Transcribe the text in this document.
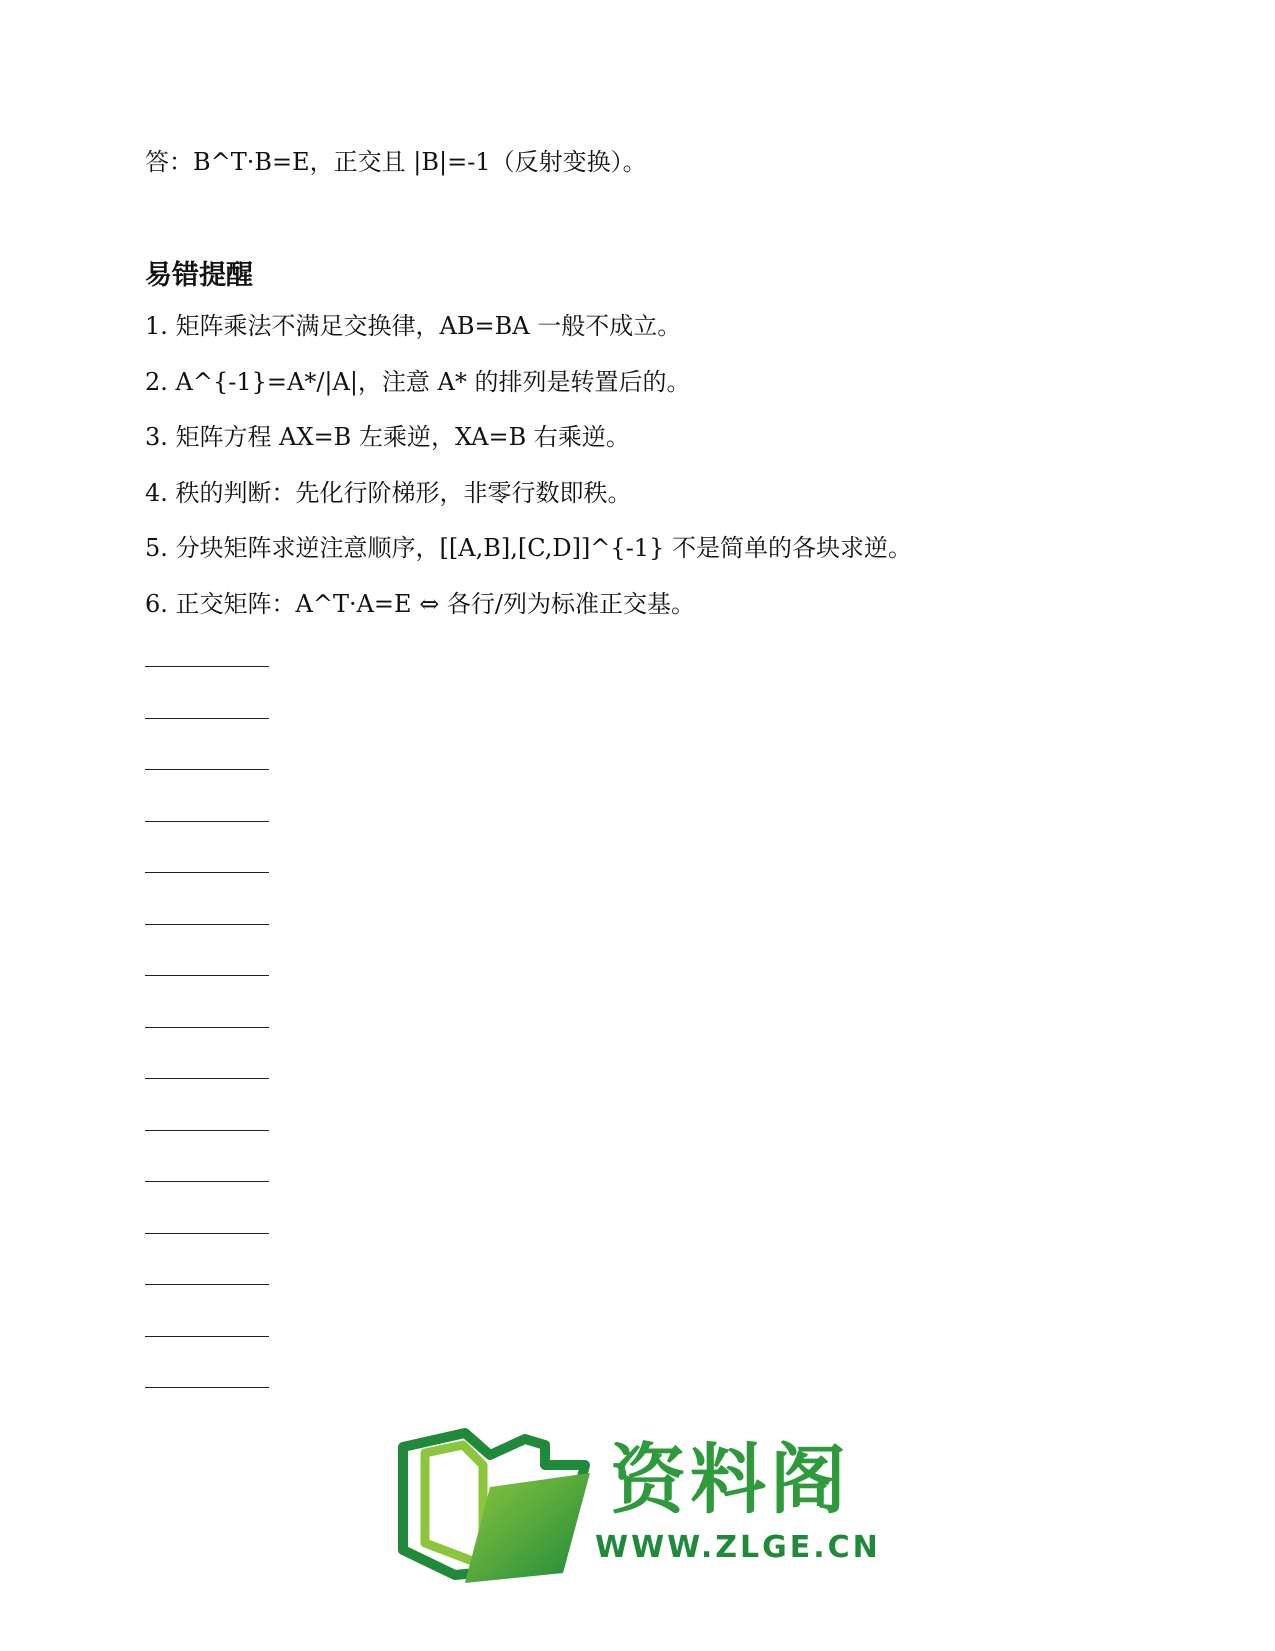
答：B^T·B=E，正交且 |B|=-1（反射变换）。
易错提醒
1. 矩阵乘法不满足交换律，AB=BA 一般不成立。
2. A^{-1}=A*/|A|，注意 A* 的排列是转置后的。
3. 矩阵方程 AX=B 左乘逆，XA=B 右乘逆。
4. 秩的判断：先化行阶梯形，非零行数即秩。
5. 分块矩阵求逆注意顺序，[[A,B],[C,D]]^{-1} 不是简单的各块求逆。
6. 正交矩阵：A^T·A=E ⇔ 各行/列为标准正交基。
资料阁
WWW.ZLGE.CN
